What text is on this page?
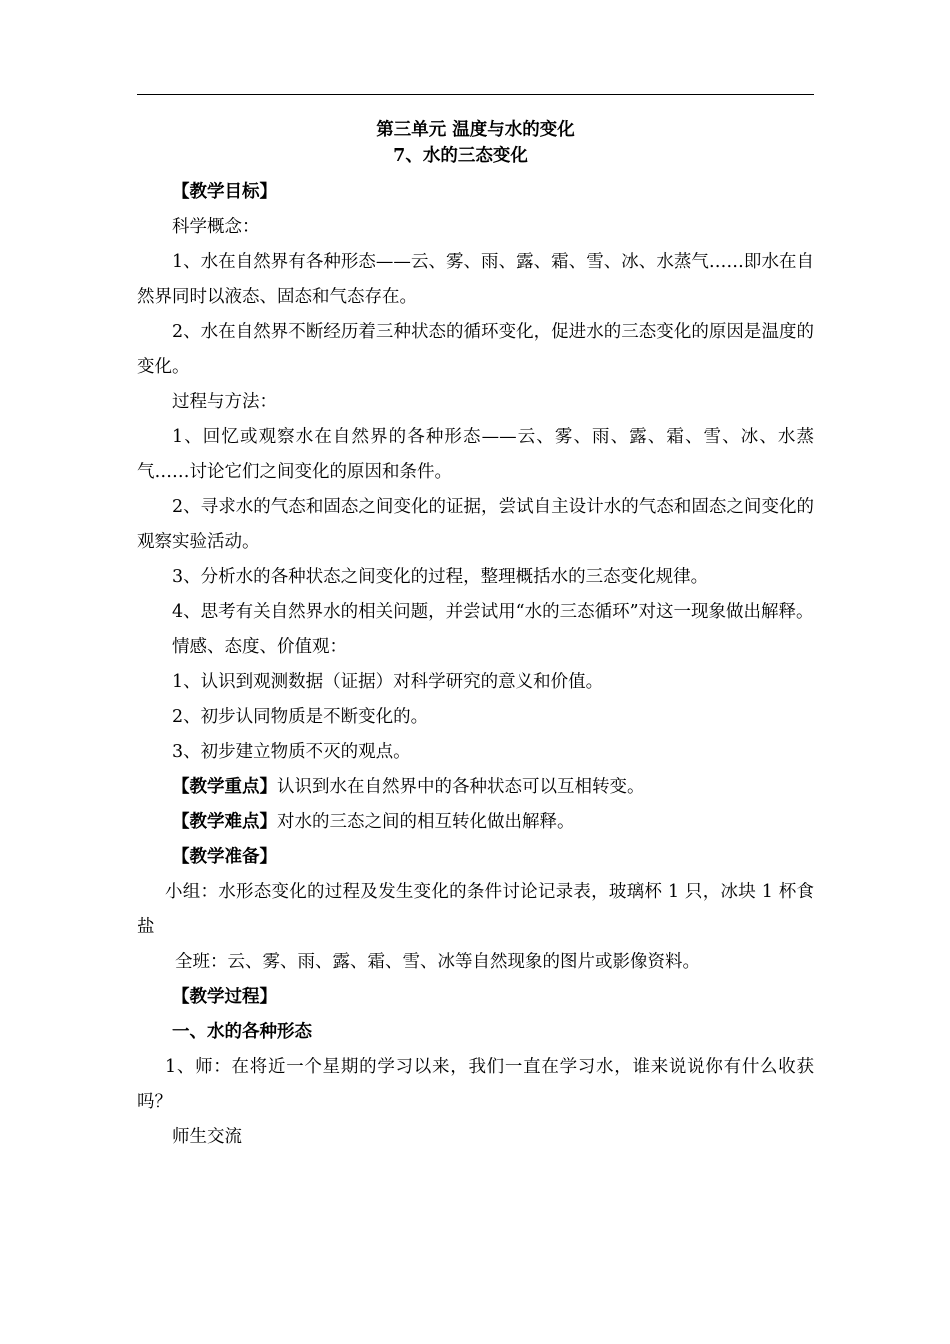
第三单元 温度与水的变化

7、水的三态变化

【教学目标】

科学概念：

1、水在自然界有各种形态——云、雾、雨、露、霜、雪、冰、水蒸气……即水在自然界同时以液态、固态和气态存在。

2、水在自然界不断经历着三种状态的循环变化，促进水的三态变化的原因是温度的变化。

过程与方法：

1、回忆或观察水在自然界的各种形态——云、雾、雨、露、霜、雪、冰、水蒸气……讨论它们之间变化的原因和条件。

2、寻求水的气态和固态之间变化的证据，尝试自主设计水的气态和固态之间变化的观察实验活动。

3、分析水的各种状态之间变化的过程，整理概括水的三态变化规律。

4、思考有关自然界水的相关问题，并尝试用“水的三态循环”对这一现象做出解释。

情感、态度、价值观：

1、认识到观测数据（证据）对科学研究的意义和价值。

2、初步认同物质是不断变化的。

3、初步建立物质不灭的观点。

【教学重点】认识到水在自然界中的各种状态可以互相转变。

【教学难点】对水的三态之间的相互转化做出解释。

【教学准备】

小组：水形态变化的过程及发生变化的条件讨论记录表，玻璃杯 1 只，冰块 1 杯食盐

全班：云、雾、雨、露、霜、雪、冰等自然现象的图片或影像资料。

【教学过程】

一、水的各种形态

1、师：在将近一个星期的学习以来，我们一直在学习水，谁来说说你有什么收获吗？

师生交流
